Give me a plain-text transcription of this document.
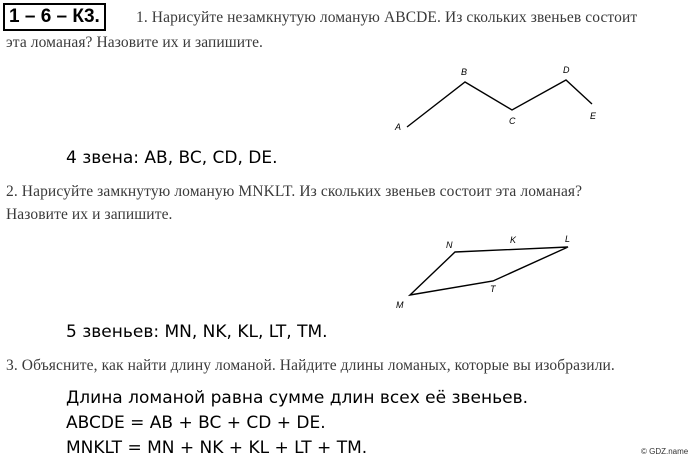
1 – 6 – К3.	1. Нарисуйте незамкнутую ломаную ABCDE. Из скольких звеньев состоит
эта ломаная? Назовите их и запишите.
A
B
C
D
E
4 звена: AB, BC, CD, DE.
2. Нарисуйте замкнутую ломаную MNKLT. Из скольких звеньев состоит эта ломаная?
Назовите их и запишите.
M
N	K	L
T
5 звеньев: MN, NK, KL, LT, TM.
3. Объясните, как найти длину ломаной. Найдите длины ломаных, которые вы изобразили.
Длина ломаной равна сумме длин всех её звеньев.
ABCDE = AB + BC + CD + DE.
MNKLT = MN + NK + KL + LT + TM.	© GDZ.name
